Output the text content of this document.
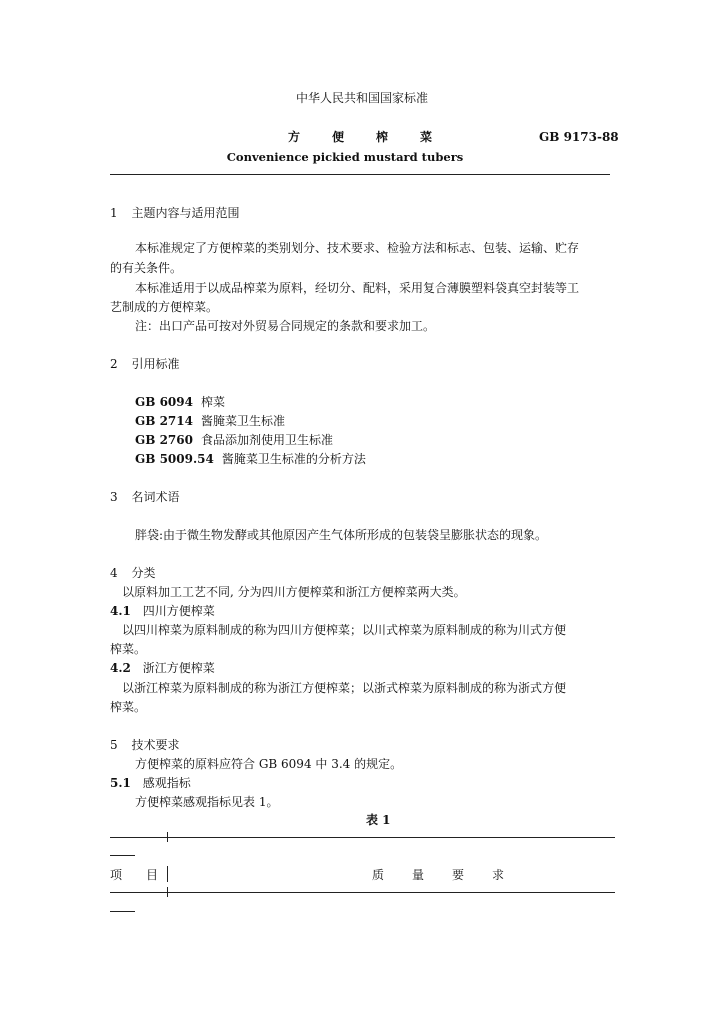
中华人民共和国国家标准
方　便　榨　菜	GB 9173-88
Convenience pickied mustard tubers
1 主题内容与适用范围
本标准规定了方便榨菜的类别划分、技术要求、检验方法和标志、包装、运输、贮存
的有关条件。
本标准适用于以成品榨菜为原料，经切分、配料，采用复合薄膜塑料袋真空封装等工
艺制成的方便榨菜。
注：出口产品可按对外贸易合同规定的条款和要求加工。
2 引用标准
GB 6094 榨菜
GB 2714 酱腌菜卫生标准
GB 2760 食品添加剂使用卫生标准
GB 5009.54 酱腌菜卫生标准的分析方法
3 名词术语
胖袋:由于微生物发酵或其他原因产生气体所形成的包装袋呈膨胀状态的现象。
4 分类
以原料加工工艺不同, 分为四川方便榨菜和浙江方便榨菜两大类。
4.1 四川方便榨菜
以四川榨菜为原料制成的称为四川方便榨菜；以川式榨菜为原料制成的称为川式方便
榨菜。
4.2 浙江方便榨菜
以浙江榨菜为原料制成的称为浙江方便榨菜；以浙式榨菜为原料制成的称为浙式方便
榨菜。
5 技术要求
方便榨菜的原料应符合 GB 6094 中 3.4 的规定。
5.1 感观指标
方便榨菜感观指标见表 1。
表 1
项　　目	质　量　要　求
